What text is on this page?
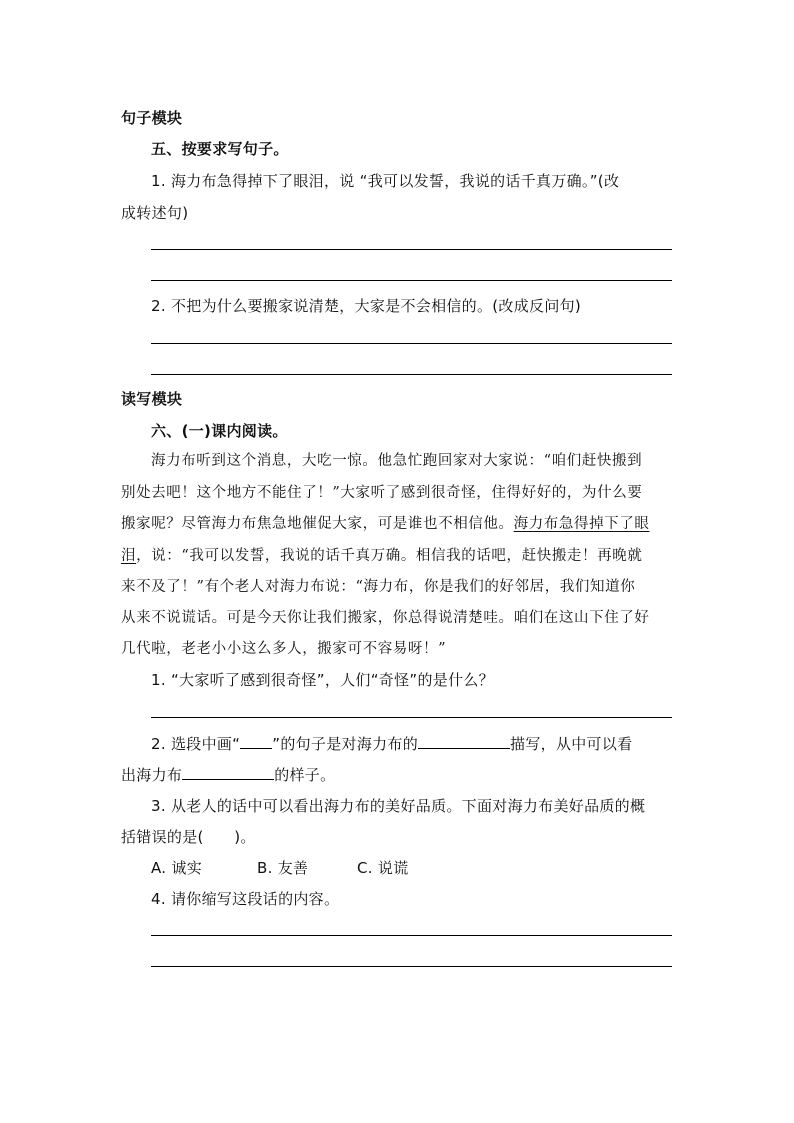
句子模块
五、按要求写句子。
1. 海力布急得掉下了眼泪，说 “我可以发誓，我说的话千真万确。”(改
成转述句)
2. 不把为什么要搬家说清楚，大家是不会相信的。(改成反问句)
读写模块
六、(一)课内阅读。
海力布听到这个消息，大吃一惊。他急忙跑回家对大家说：“咱们赶快搬到
别处去吧！这个地方不能住了！”大家听了感到很奇怪，住得好好的，为什么要
搬家呢？尽管海力布焦急地催促大家，可是谁也不相信他。海力布急得掉下了眼
泪，说：“我可以发誓，我说的话千真万确。相信我的话吧，赶快搬走！再晚就
来不及了！”有个老人对海力布说：“海力布，你是我们的好邻居，我们知道你
从来不说谎话。可是今天你让我们搬家，你总得说清楚哇。咱们在这山下住了好
几代啦，老老小小这么多人，搬家可不容易呀！”
1. “大家听了感到很奇怪”，人们“奇怪”的是什么？
2. 选段中画“ ”的句子是对海力布的	描写，从中可以看
出海力布	的样子。
3. 从老人的话中可以看出海力布的美好品质。下面对海力布美好品质的概
括错误的是(　　)。
A. 诚实	B. 友善	C. 说谎
4. 请你缩写这段话的内容。
